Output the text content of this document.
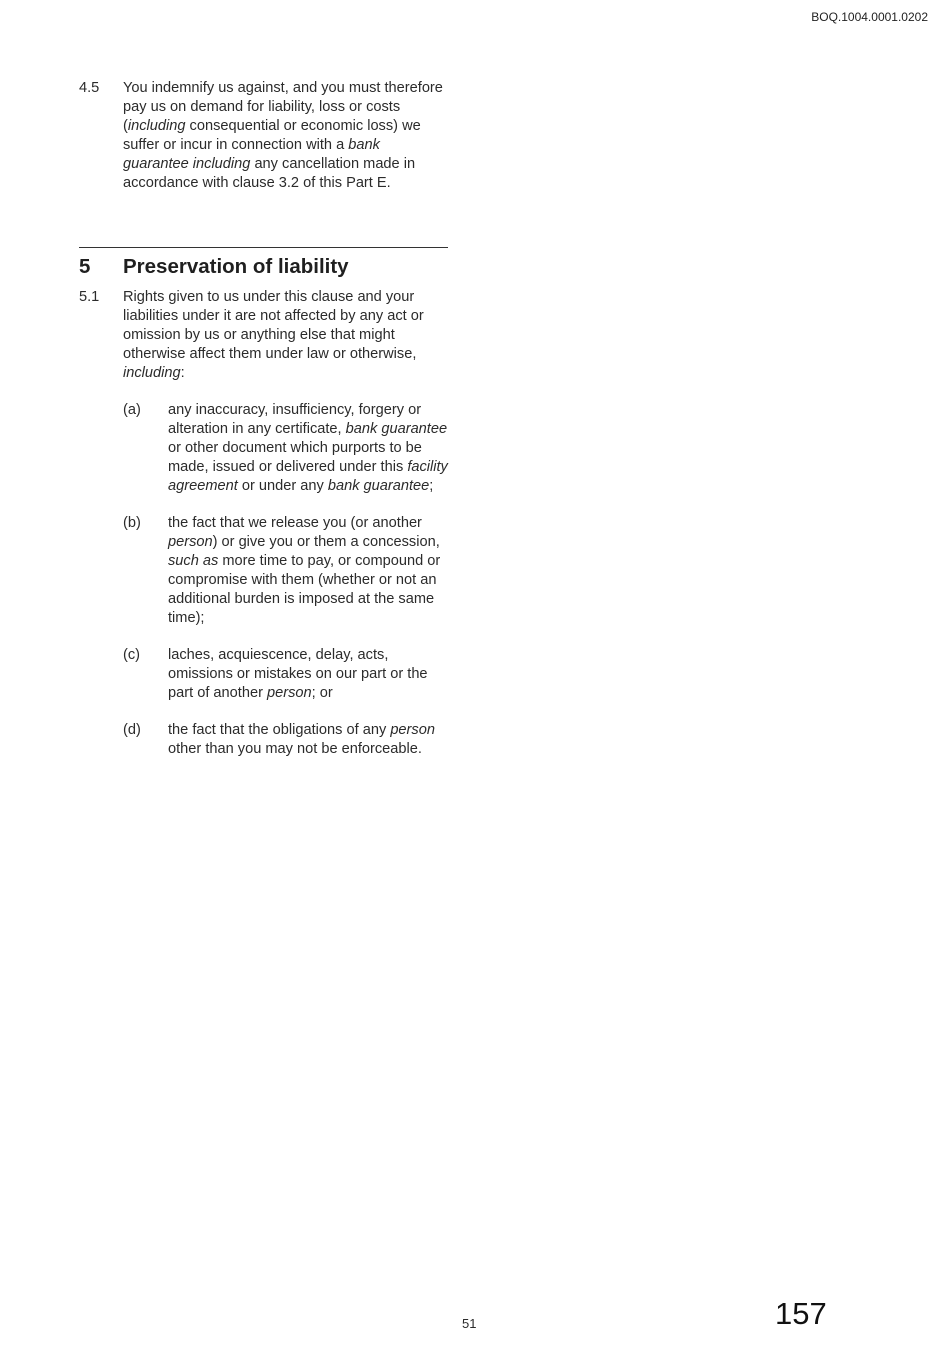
BOQ.1004.0001.0202
4.5 You indemnify us against, and you must therefore pay us on demand for liability, loss or costs (including consequential or economic loss) we suffer or incur in connection with a bank guarantee including any cancellation made in accordance with clause 3.2 of this Part E.
5 Preservation of liability
5.1 Rights given to us under this clause and your liabilities under it are not affected by any act or omission by us or anything else that might otherwise affect them under law or otherwise, including:
(a) any inaccuracy, insufficiency, forgery or alteration in any certificate, bank guarantee or other document which purports to be made, issued or delivered under this facility agreement or under any bank guarantee;
(b) the fact that we release you (or another person) or give you or them a concession, such as more time to pay, or compound or compromise with them (whether or not an additional burden is imposed at the same time);
(c) laches, acquiescence, delay, acts, omissions or mistakes on our part or the part of another person; or
(d) the fact that the obligations of any person other than you may not be enforceable.
51	157
